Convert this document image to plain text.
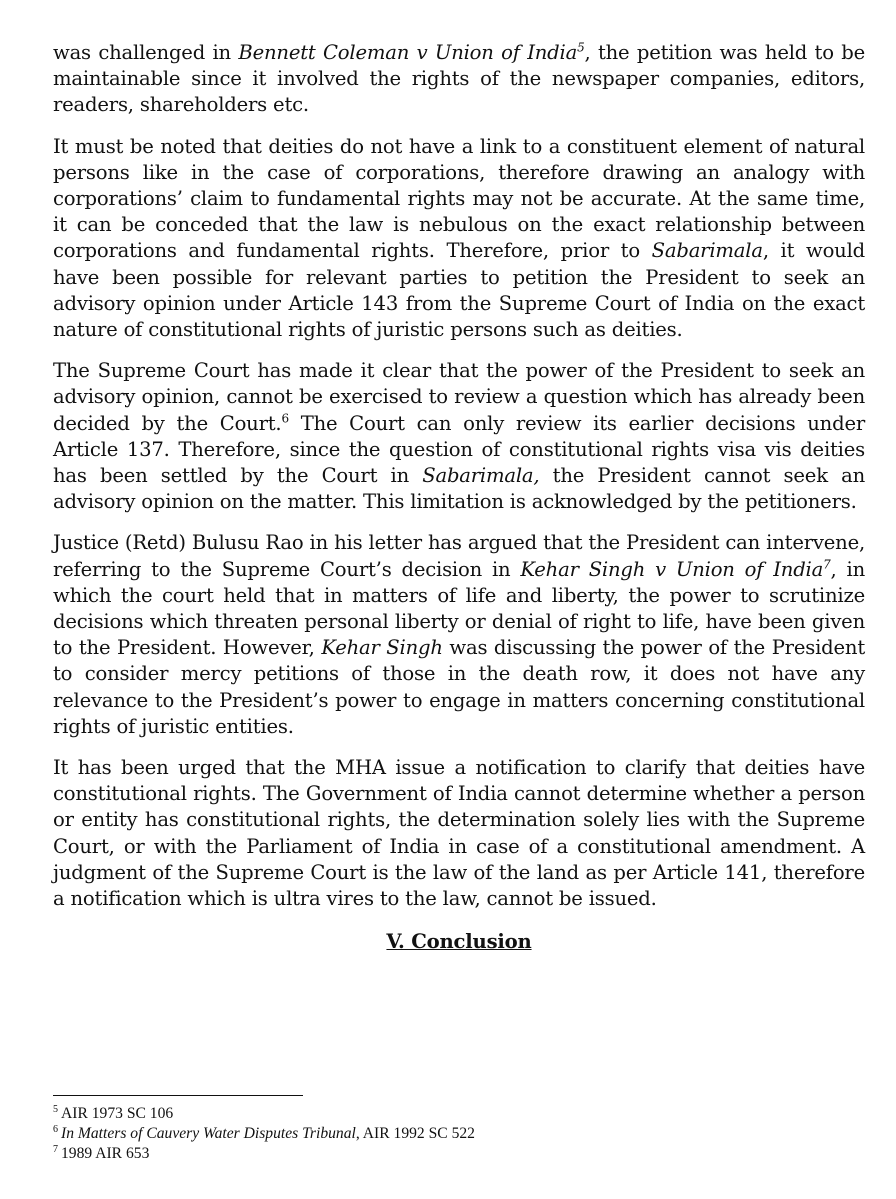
was challenged in Bennett Coleman v Union of India$^5$, the petition was held to be maintainable since it involved the rights of the newspaper companies, editors, readers, shareholders etc.

It must be noted that deities do not have a link to a constituent element of natural persons like in the case of corporations, therefore drawing an analogy with corporations’ claim to fundamental rights may not be accurate. At the same time, it can be conceded that the law is nebulous on the exact relationship between corporations and fundamental rights. Therefore, prior to Sabarimala, it would have been possible for relevant parties to petition the President to seek an advisory opinion under Article 143 from the Supreme Court of India on the exact nature of constitutional rights of juristic persons such as deities.

The Supreme Court has made it clear that the power of the President to seek an advisory opinion, cannot be exercised to review a question which has already been decided by the Court.$^6$ The Court can only review its earlier decisions under Article 137. Therefore, since the question of constitutional rights visa vis deities has been settled by the Court in Sabarimala, the President cannot seek an advisory opinion on the matter. This limitation is acknowledged by the petitioners.

Justice (Retd) Bulusu Rao in his letter has argued that the President can intervene, referring to the Supreme Court’s decision in Kehar Singh v Union of India$^7$, in which the court held that in matters of life and liberty, the power to scrutinize decisions which threaten personal liberty or denial of right to life, have been given to the President. However, Kehar Singh was discussing the power of the President to consider mercy petitions of those in the death row, it does not have any relevance to the President’s power to engage in matters concerning constitutional rights of juristic entities.

It has been urged that the MHA issue a notification to clarify that deities have constitutional rights. The Government of India cannot determine whether a person or entity has constitutional rights, the determination solely lies with the Supreme Court, or with the Parliament of India in case of a constitutional amendment. A judgment of the Supreme Court is the law of the land as per Article 141, therefore a notification which is ultra vires to the law, cannot be issued.

V. Conclusion

$^5$ AIR 1973 SC 106

$^6$ In Matters of Cauvery Water Disputes Tribunal, AIR 1992 SC 522

$^7$ 1989 AIR 653
